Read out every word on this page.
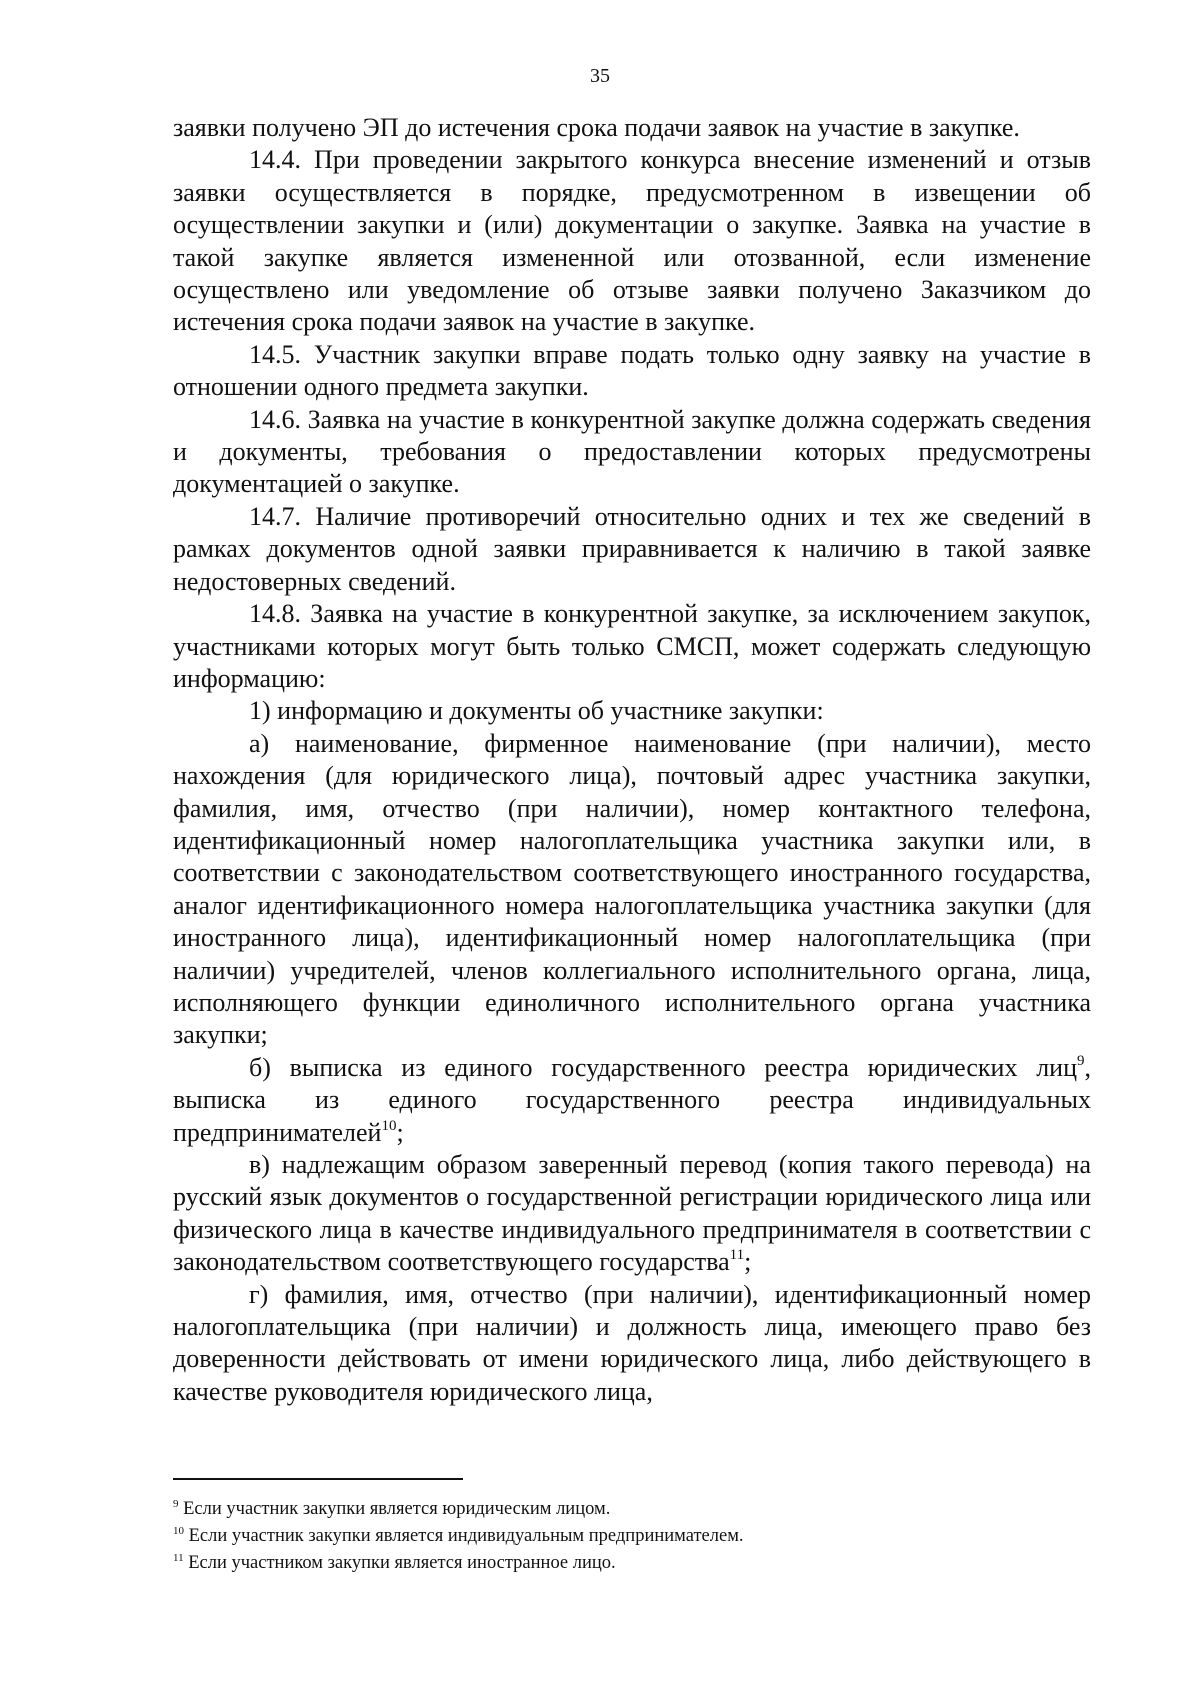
35

заявки получено ЭП до истечения срока подачи заявок на участие в закупке.

14.4. При проведении закрытого конкурса внесение изменений и отзыв заявки осуществляется в порядке, предусмотренном в извещении об осуществлении закупки и (или) документации о закупке. Заявка на участие в такой закупке является измененной или отозванной, если изменение осуществлено или уведомление об отзыве заявки получено Заказчиком до истечения срока подачи заявок на участие в закупке.

14.5. Участник закупки вправе подать только одну заявку на участие в отношении одного предмета закупки.

14.6. Заявка на участие в конкурентной закупке должна содержать сведения и документы, требования о предоставлении которых предусмотрены документацией о закупке.

14.7. Наличие противоречий относительно одних и тех же сведений в рамках документов одной заявки приравнивается к наличию в такой заявке недостоверных сведений.

14.8. Заявка на участие в конкурентной закупке, за исключением закупок, участниками которых могут быть только СМСП, может содержать следующую информацию:

1) информацию и документы об участнике закупки:

а) наименование, фирменное наименование (при наличии), место нахождения (для юридического лица), почтовый адрес участника закупки, фамилия, имя, отчество (при наличии), номер контактного телефона, идентификационный номер налогоплательщика участника закупки или, в соответствии с законодательством соответствующего иностранного государства, аналог идентификационного номера налогоплательщика участника закупки (для иностранного лица), идентификационный номер налогоплательщика (при наличии) учредителей, членов коллегиального исполнительного органа, лица, исполняющего функции единоличного исполнительного органа участника закупки;

б) выписка из единого государственного реестра юридических лиц$^9$, выписка из единого государственного реестра индивидуальных предпринимателей$^{10}$;

в) надлежащим образом заверенный перевод (копия такого перевода) на русский язык документов о государственной регистрации юридического лица или физического лица в качестве индивидуального предпринимателя в соответствии с законодательством соответствующего государства$^{11}$;

г) фамилия, имя, отчество (при наличии), идентификационный номер налогоплательщика (при наличии) и должность лица, имеющего право без доверенности действовать от имени юридического лица, либо действующего в качестве руководителя юридического лица,

$^9$ Если участник закупки является юридическим лицом.

$^{10}$ Если участник закупки является индивидуальным предпринимателем.

$^{11}$ Если участником закупки является иностранное лицо.
